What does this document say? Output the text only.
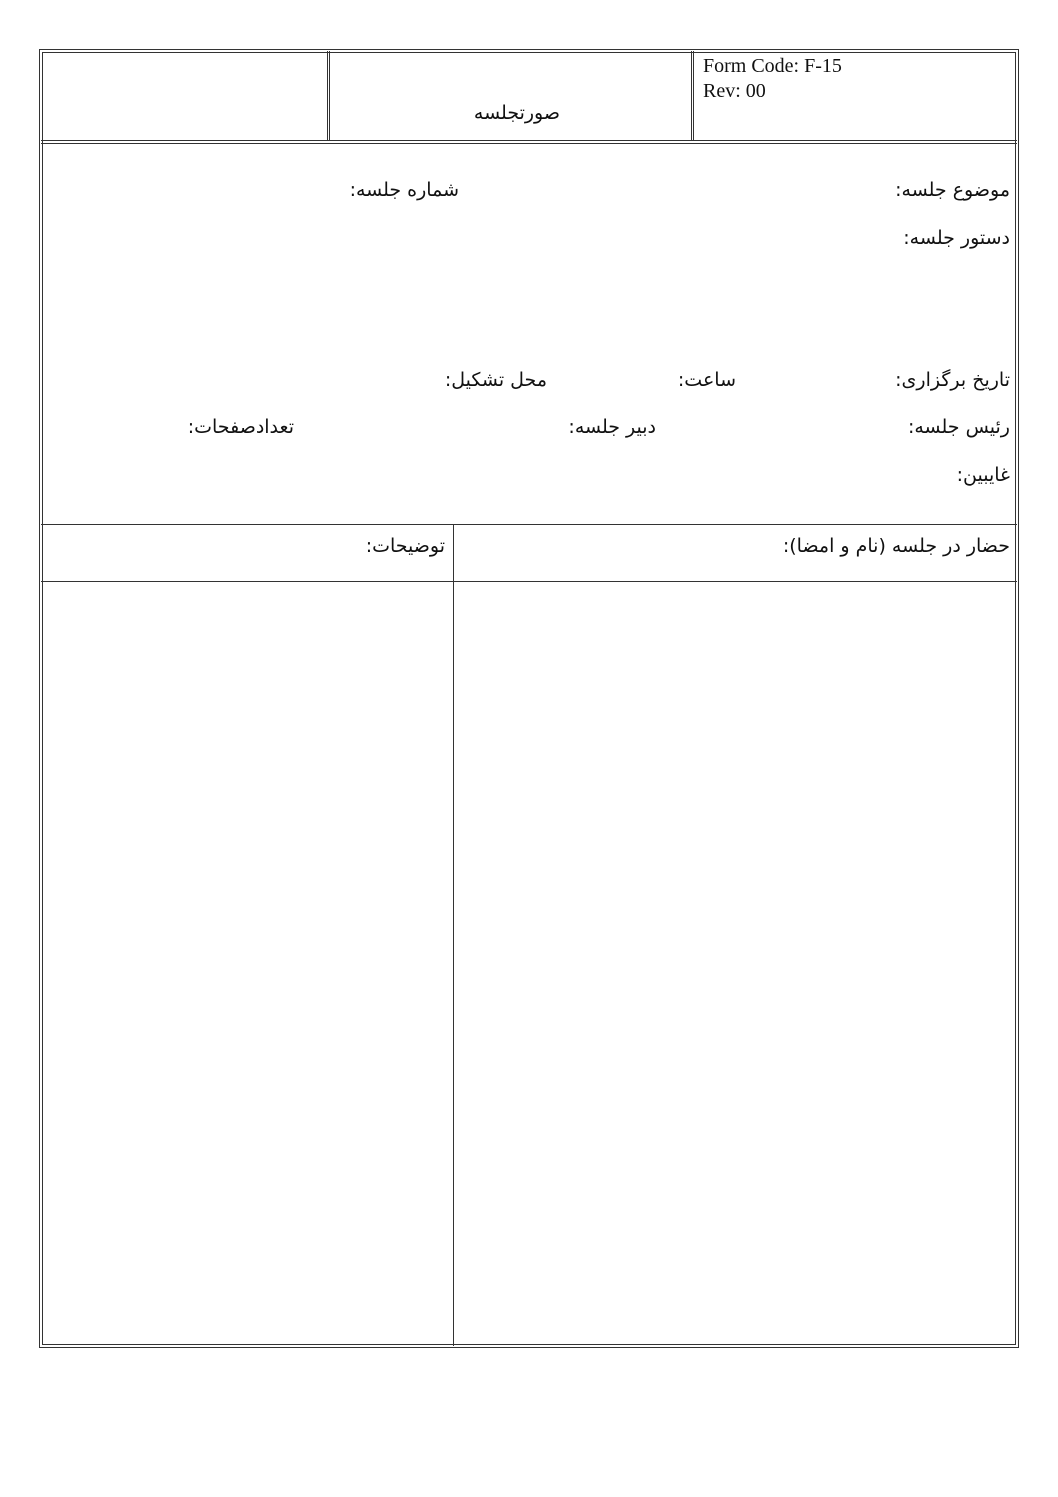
Form Code: F-15
Rev: 00
صورتجلسه
موضوع جلسه:
شماره جلسه:
دستور جلسه:
تاریخ برگزاری:
ساعت:
محل تشکیل:
رئیس جلسه:
دبیر جلسه:
تعدادصفحات:
غایبین:
حضار در جلسه (نام و امضا):
توضیحات:
